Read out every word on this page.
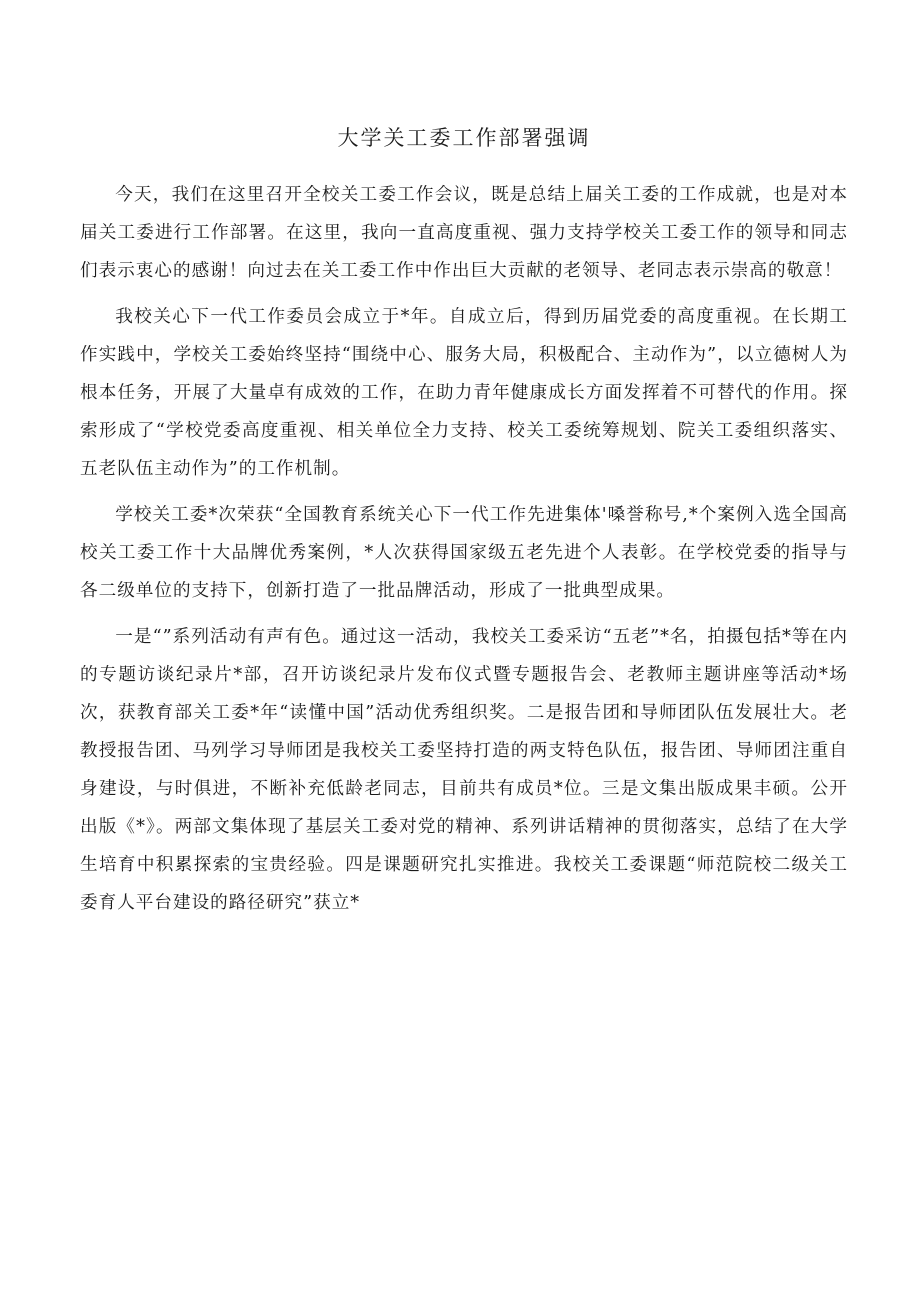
大学关工委工作部署强调

今天，我们在这里召开全校关工委工作会议，既是总结上届关工委的工作成就，也是对本届关工委进行工作部署。在这里，我向一直高度重视、强力支持学校关工委工作的领导和同志们表示衷心的感谢！向过去在关工委工作中作出巨大贡献的老领导、老同志表示崇高的敬意！

我校关心下一代工作委员会成立于*年。自成立后，得到历届党委的高度重视。在长期工作实践中，学校关工委始终坚持“围绕中心、服务大局，积极配合、主动作为”，以立德树人为根本任务，开展了大量卓有成效的工作，在助力青年健康成长方面发挥着不可替代的作用。探索形成了“学校党委高度重视、相关单位全力支持、校关工委统筹规划、院关工委组织落实、五老队伍主动作为”的工作机制。

学校关工委*次荣获“全国教育系统关心下一代工作先进集体'嗓誉称号,*个案例入选全国高校关工委工作十大品牌优秀案例，*人次获得国家级五老先进个人表彰。在学校党委的指导与各二级单位的支持下，创新打造了一批品牌活动，形成了一批典型成果。

一是“”系列活动有声有色。通过这一活动，我校关工委采访“五老”*名，拍摄包括*等在内的专题访谈纪录片*部，召开访谈纪录片发布仪式暨专题报告会、老教师主题讲座等活动*场次，获教育部关工委*年“读懂中国”活动优秀组织奖。二是报告团和导师团队伍发展壮大。老教授报告团、马列学习导师团是我校关工委坚持打造的两支特色队伍，报告团、导师团注重自身建设，与时俱进，不断补充低龄老同志，目前共有成员*位。三是文集出版成果丰硕。公开出版《*》。两部文集体现了基层关工委对党的精神、系列讲话精神的贯彻落实，总结了在大学生培育中积累探索的宝贵经验。四是课题研究扎实推进。我校关工委课题“师范院校二级关工委育人平台建设的路径研究”获立*
